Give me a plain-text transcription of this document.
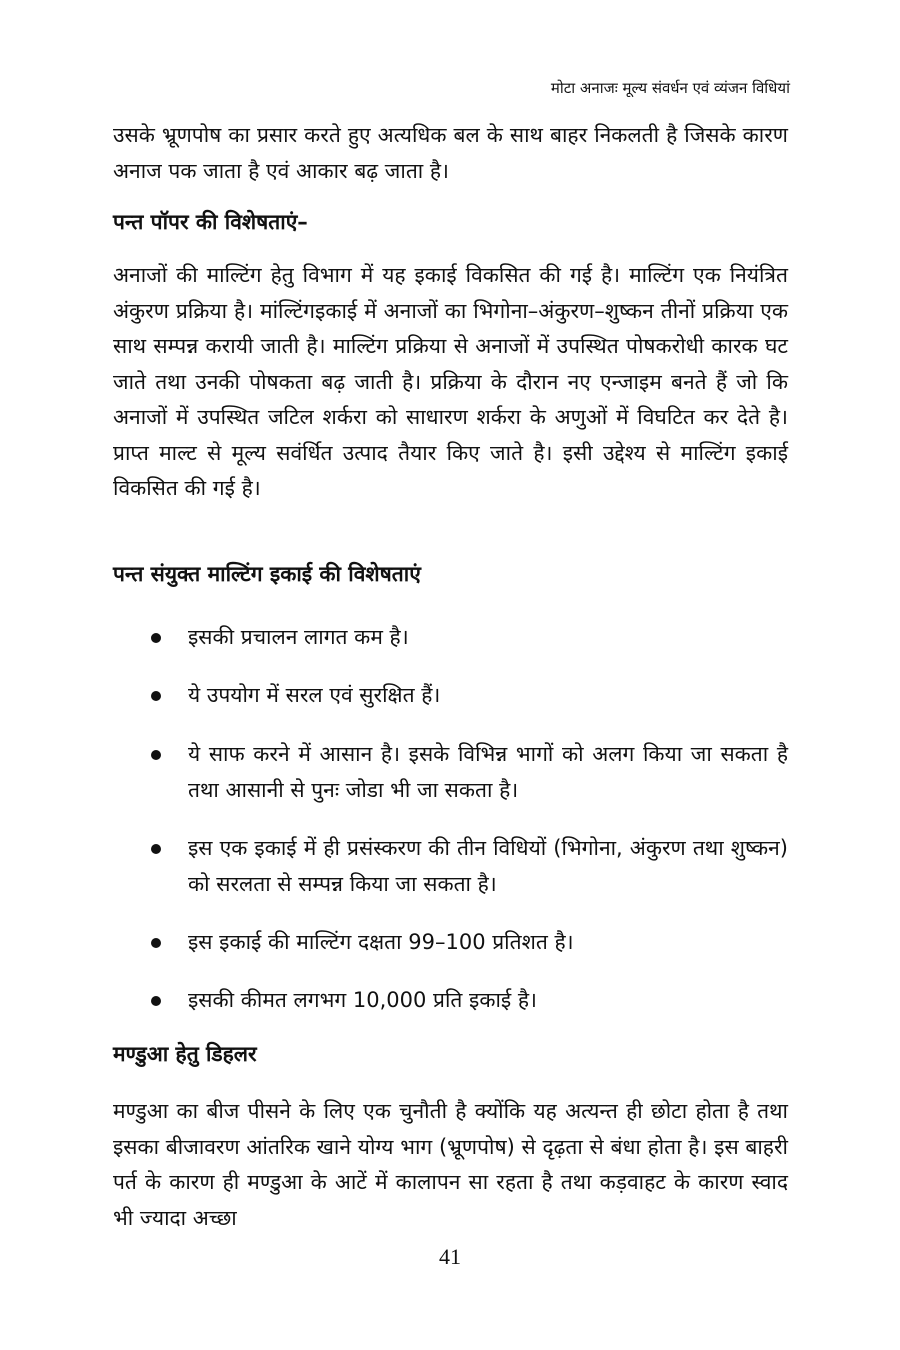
मोटा अनाजः मूल्य संवर्धन एवं व्यंजन विधियां

उसके भ्रूणपोष का प्रसार करते हुए अत्यधिक बल के साथ बाहर निकलती है जिसके कारण अनाज पक जाता है एवं आकार बढ़ जाता है।

पन्त पॉपर की विशेषताएं–

अनाजों की माल्टिंग हेतु विभाग में यह इकाई विकसित की गई है। माल्टिंग एक नियंत्रित अंकुरण प्रक्रिया है। मांल्टिंगइकाई में अनाजों का भिगोना–अंकुरण–शुष्कन तीनों प्रक्रिया एक साथ सम्पन्न करायी जाती है। माल्टिंग प्रक्रिया से अनाजों में उपस्थित पोषकरोधी कारक घट जाते तथा उनकी पोषकता बढ़ जाती है। प्रक्रिया के दौरान नए एन्जाइम बनते हैं जो कि अनाजों में उपस्थित जटिल शर्करा को साधारण शर्करा के अणुओं में विघटित कर देते है। प्राप्त माल्ट से मूल्य सवंर्धित उत्पाद तैयार किए जाते है। इसी उद्देश्य से माल्टिंग इकाई विकसित की गई है।

पन्त संयुक्त माल्टिंग इकाई की विशेषताएं
इसकी प्रचालन लागत कम है।
ये उपयोग में सरल एवं सुरक्षित हैं।
ये साफ करने में आसान है। इसके विभिन्न भागों को अलग किया जा सकता है तथा आसानी से पुनः जोडा भी जा सकता है।
इस एक इकाई में ही प्रसंस्करण की तीन विधियों (भिगोना, अंकुरण तथा शुष्कन) को सरलता से सम्पन्न किया जा सकता है।
इस इकाई की माल्टिंग दक्षता 99–100 प्रतिशत है।
इसकी कीमत लगभग 10,000 प्रति इकाई है।
मण्डुआ हेतु डिहलर

मण्डुआ का बीज पीसने के लिए एक चुनौती है क्योंकि यह अत्यन्त ही छोटा होता है तथा इसका बीजावरण आंतरिक खाने योग्य भाग (भ्रूणपोष) से दृढ़ता से बंधा होता है। इस बाहरी पर्त के कारण ही मण्डुआ के आटें में कालापन सा रहता है तथा कड़वाहट के कारण स्वाद भी ज्यादा अच्छा

41
